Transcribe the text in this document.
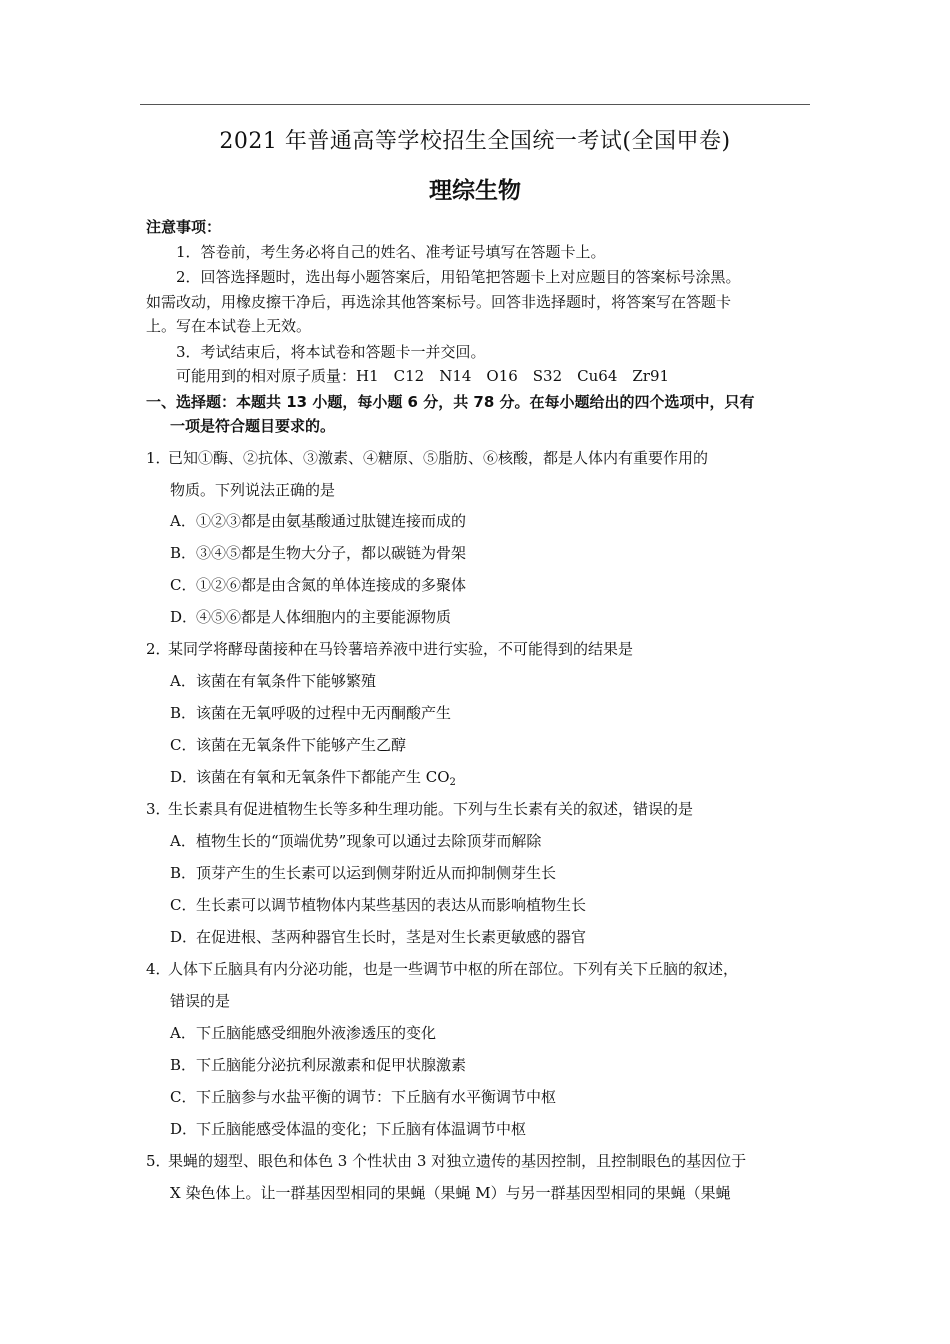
2021 年普通高等学校招生全国统一考试(全国甲卷)
理综生物
注意事项：
1．答卷前，考生务必将自己的姓名、准考证号填写在答题卡上。
2．回答选择题时，选出每小题答案后，用铅笔把答题卡上对应题目的答案标号涂黑。
如需改动，用橡皮擦干净后，再选涂其他答案标号。回答非选择题时，将答案写在答题卡
上。写在本试卷上无效。
3．考试结束后，将本试卷和答题卡一并交回。
可能用到的相对原子质量：H1　C12　N14　O16　S32　Cu64　Zr91
一、选择题：本题共 13 小题，每小题 6 分，共 78 分。在每小题给出的四个选项中，只有
一项是符合题目要求的。
1．已知①酶、②抗体、③激素、④糖原、⑤脂肪、⑥核酸，都是人体内有重要作用的
物质。下列说法正确的是
A．①②③都是由氨基酸通过肽键连接而成的
B．③④⑤都是生物大分子，都以碳链为骨架
C．①②⑥都是由含氮的单体连接成的多聚体
D．④⑤⑥都是人体细胞内的主要能源物质
2．某同学将酵母菌接种在马铃薯培养液中进行实验，不可能得到的结果是
A．该菌在有氧条件下能够繁殖
B．该菌在无氧呼吸的过程中无丙酮酸产生
C．该菌在无氧条件下能够产生乙醇
D．该菌在有氧和无氧条件下都能产生 $CO_2$
3．生长素具有促进植物生长等多种生理功能。下列与生长素有关的叙述，错误的是
A．植物生长的“顶端优势”现象可以通过去除顶芽而解除
B．顶芽产生的生长素可以运到侧芽附近从而抑制侧芽生长
C．生长素可以调节植物体内某些基因的表达从而影响植物生长
D．在促进根、茎两种器官生长时，茎是对生长素更敏感的器官
4．人体下丘脑具有内分泌功能，也是一些调节中枢的所在部位。下列有关下丘脑的叙述，
错误的是
A．下丘脑能感受细胞外液渗透压的变化
B．下丘脑能分泌抗利尿激素和促甲状腺激素
C．下丘脑参与水盐平衡的调节：下丘脑有水平衡调节中枢
D．下丘脑能感受体温的变化；下丘脑有体温调节中枢
5．果蝇的翅型、眼色和体色 3 个性状由 3 对独立遗传的基因控制，且控制眼色的基因位于
X 染色体上。让一群基因型相同的果蝇（果蝇 M）与另一群基因型相同的果蝇（果蝇
